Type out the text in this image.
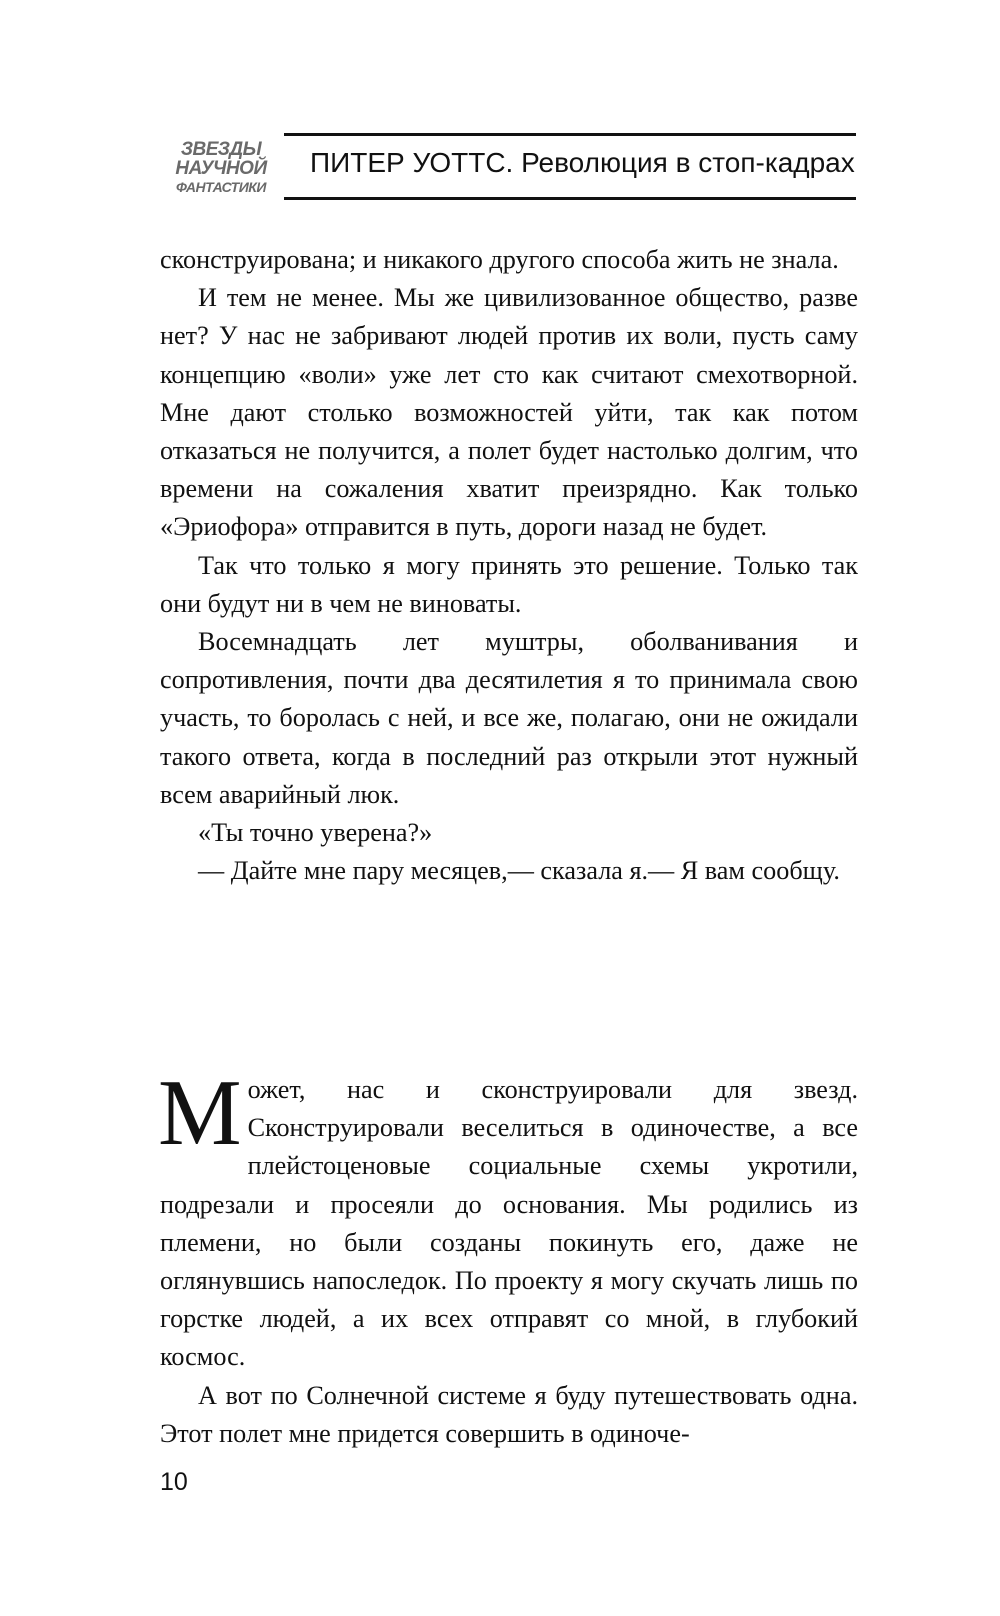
ЗВЕЗДЫ
НАУЧНОЙ
ФАНТАСТИКИ
ПИТЕР УОТТС. Революция в стоп-кадрах

сконструирована; и никакого другого способа жить не знала.

И тем не менее. Мы же цивилизованное общество, разве нет? У нас не забривают людей против их воли, пусть саму концепцию «воли» уже лет сто как считают смехотворной. Мне дают столько возможностей уйти, так как потом отказаться не получится, а полет будет настолько долгим, что времени на сожаления хватит преизрядно. Как только «Эриофора» отправится в путь, дороги назад не будет.

Так что только я могу принять это решение. Только так они будут ни в чем не виноваты.

Восемнадцать лет муштры, оболванивания и сопротивления, почти два десятилетия я то принимала свою участь, то боролась с ней, и все же, полагаю, они не ожидали такого ответа, когда в последний раз открыли этот нужный всем аварийный люк.

«Ты точно уверена?»

— Дайте мне пару месяцев,— сказала я.— Я вам сообщу.

Может, нас и сконструировали для звезд. Сконструировали веселиться в одиночестве, а все плейстоценовые социальные схемы укротили, подрезали и просеяли до основания. Мы родились из племени, но были созданы покинуть его, даже не оглянувшись напоследок. По проекту я могу скучать лишь по горстке людей, а их всех отправят со мной, в глубокий космос.

А вот по Солнечной системе я буду путешествовать одна. Этот полет мне придется совершить в одиноче-

10
